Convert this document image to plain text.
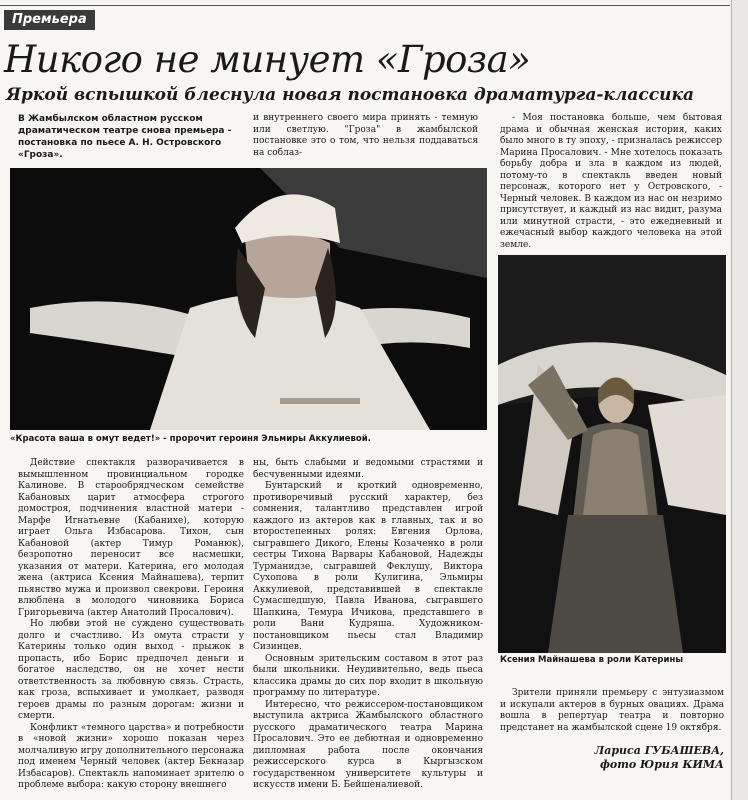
Премьера
Никого не минует «Гроза»
Яркой вспышкой блеснула новая постановка драматурга-классика
В Жамбылском областном русском драматическом театре снова премьера - постановка по пьесе А. Н. Островского «Гроза».

и внутреннего своего мира принять - темную или светлую. "Гроза" в жамбылской постановке это о том, что нельзя поддаваться на соблаз-

- Моя постановка больше, чем бытовая драма и обычная женская история, каких было много в ту эпоху, - призналась режиссер Марина Просалович. - Мне хотелось показать борьбу добра и зла в каждом из людей, потому-то в спектакль введен новый персонаж, которого нет у Островского, - Черный человек. В каждом из нас он незримо присутствует, и каждый из нас видит, разума или минутной страсти, - это ежедневный и ежечасный выбор каждого человека на этой земле.

«Красота ваша в омут ведет!» - пророчит героиня Эльмиры Аккулиевой.
Ксения Майнашева в роли Катерины

Действие спектакля разворачивается в вымышленном провинциальном городке Калинове. В старообрядческом семействе Кабановых царит атмосфера строгого домостроя, подчинения властной матери - Марфе Игнатьевне (Кабанихе), которую играет Ольга Избасарова. Тихон, сын Кабановой (актер Тимур Романюк), безропотно переносит все насмешки, указания от матери. Катерина, его молодая жена (актриса Ксения Майнашева), терпит пьянство мужа и произвол свекрови. Героиня влюблена в молодого чиновника Бориса Григорьевича (актер Анатолий Просалович).

Но любви этой не суждено существовать долго и счастливо. Из омута страсти у Катерины только один выход - прыжок в пропасть, ибо Борис предпочел деньги и богатое наследство, он не хочет нести ответственность за любовную связь. Страсть, как гроза, вспыхивает и умолкает, разводя героев драмы по разным дорогам: жизни и смерти.

Конфликт «темного царства» и потребности в «новой жизни» хорошо показан через молчаливую игру дополнительного персонажа под именем Черный человек (актер Бекназар Избасаров). Спектакль напоминает зрителю о проблеме выбора: какую сторону внешнего

ны, быть слабыми и ведомыми страстями и бесчувенными идеями.

Бунтарский и кроткий одновременно, противоречивый русский характер, без сомнения, талантливо представлен игрой каждого из актеров как в главных, так и во второстепенных ролях: Евгения Орлова, сыгравшего Дикого, Елены Козаченко в роли сестры Тихона Варвары Кабановой, Надежды Турманидзе, сыгравшей Феклушу, Виктора Сухопова в роли Кулигина, Эльмиры Аккулиевой, представившей в спектакле Сумасшедшую, Павла Иванова, сыгравшего Шапкина, Темура Ичикова, представшего в роли Вани Кудряша. Художником-постановщиком пьесы стал Владимир Сизинцев.

Основным зрительским составом в этот раз были школьники. Неудивительно, ведь пьеса классика драмы до сих пор входит в школьную программу по литературе.

Интересно, что режиссером-постановщиком выступила актриса Жамбылского областного русского драматического театра Марина Просалович. Это ее дебютная и одновременно дипломная работа после окончания режиссерского курса в Кыргызском государственном университете культуры и искусств имени Б. Бейшеналиевой.

Зрители приняли премьеру с энтузиазмом и искупали актеров в бурных овациях. Драма вошла в репертуар театра и повторно предстанет на жамбылской сцене 19 октября.

Лариса ГУБАШЕВА,
фото Юрия КИМА
